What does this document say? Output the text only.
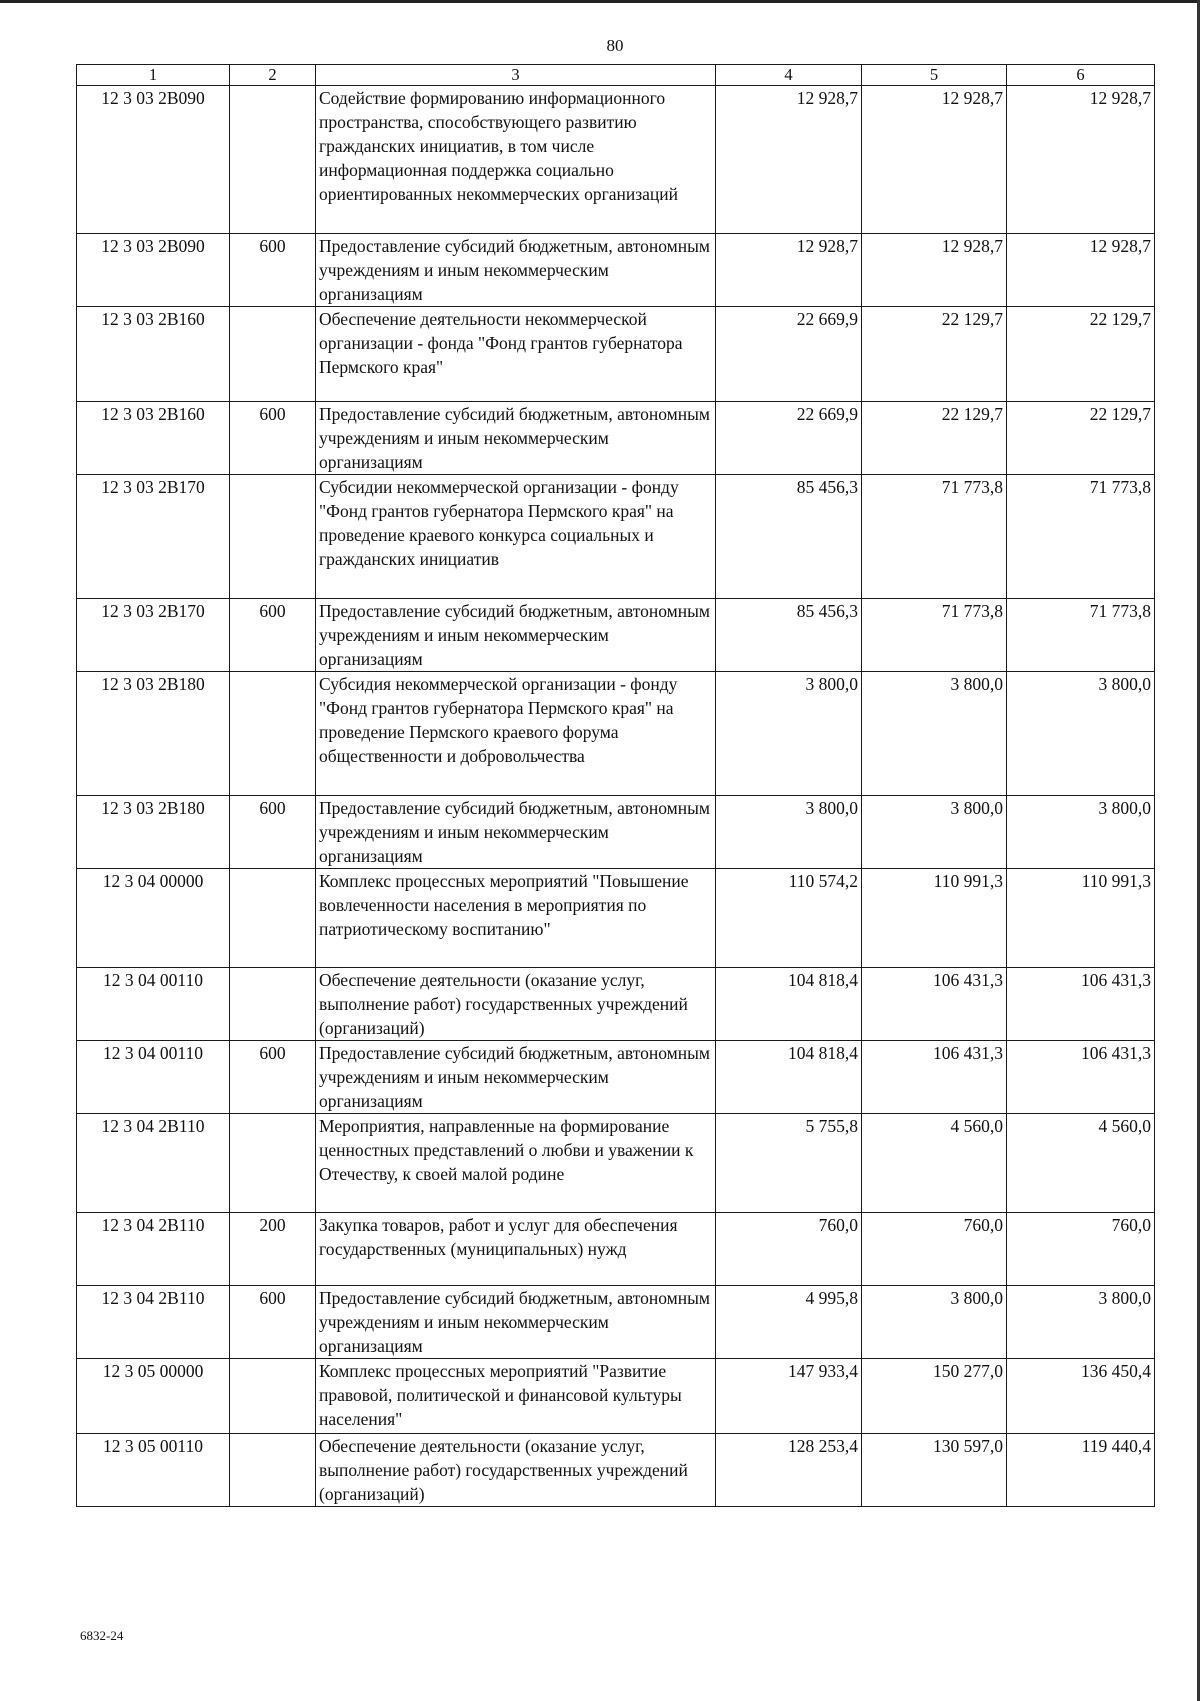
80
1	2	3	4	5	6
12 3 03 2В090		Содействие формированию информационного пространства, способствующего развитию гражданских инициатив, в том числе информационная поддержка социально ориентированных некоммерческих организаций	12 928,7	12 928,7	12 928,7
12 3 03 2В090	600	Предоставление субсидий бюджетным, автономным учреждениям и иным некоммерческим организациям	12 928,7	12 928,7	12 928,7
12 3 03 2В160		Обеспечение деятельности некоммерческой организации - фонда "Фонд грантов губернатора Пермского края"	22 669,9	22 129,7	22 129,7
12 3 03 2В160	600	Предоставление субсидий бюджетным, автономным учреждениям и иным некоммерческим организациям	22 669,9	22 129,7	22 129,7
12 3 03 2В170		Субсидии некоммерческой организации - фонду "Фонд грантов губернатора Пермского края" на проведение краевого конкурса социальных и гражданских инициатив	85 456,3	71 773,8	71 773,8
12 3 03 2В170	600	Предоставление субсидий бюджетным, автономным учреждениям и иным некоммерческим организациям	85 456,3	71 773,8	71 773,8
12 3 03 2В180		Субсидия некоммерческой организации - фонду "Фонд грантов губернатора Пермского края" на проведение Пермского краевого форума общественности и добровольчества	3 800,0	3 800,0	3 800,0
12 3 03 2В180	600	Предоставление субсидий бюджетным, автономным учреждениям и иным некоммерческим организациям	3 800,0	3 800,0	3 800,0
12 3 04 00000		Комплекс процессных мероприятий "Повышение вовлеченности населения в мероприятия по патриотическому воспитанию"	110 574,2	110 991,3	110 991,3
12 3 04 00110		Обеспечение деятельности (оказание услуг, выполнение работ) государственных учреждений (организаций)	104 818,4	106 431,3	106 431,3
12 3 04 00110	600	Предоставление субсидий бюджетным, автономным учреждениям и иным некоммерческим организациям	104 818,4	106 431,3	106 431,3
12 3 04 2В110		Мероприятия, направленные на формирование ценностных представлений о любви и уважении к Отечеству, к своей малой родине	5 755,8	4 560,0	4 560,0
12 3 04 2В110	200	Закупка товаров, работ и услуг для обеспечения государственных (муниципальных) нужд	760,0	760,0	760,0
12 3 04 2В110	600	Предоставление субсидий бюджетным, автономным учреждениям и иным некоммерческим организациям	4 995,8	3 800,0	3 800,0
12 3 05 00000		Комплекс процессных мероприятий "Развитие правовой, политической и финансовой культуры населения"	147 933,4	150 277,0	136 450,4
12 3 05 00110		Обеспечение деятельности (оказание услуг, выполнение работ) государственных учреждений (организаций)	128 253,4	130 597,0	119 440,4
6832-24
